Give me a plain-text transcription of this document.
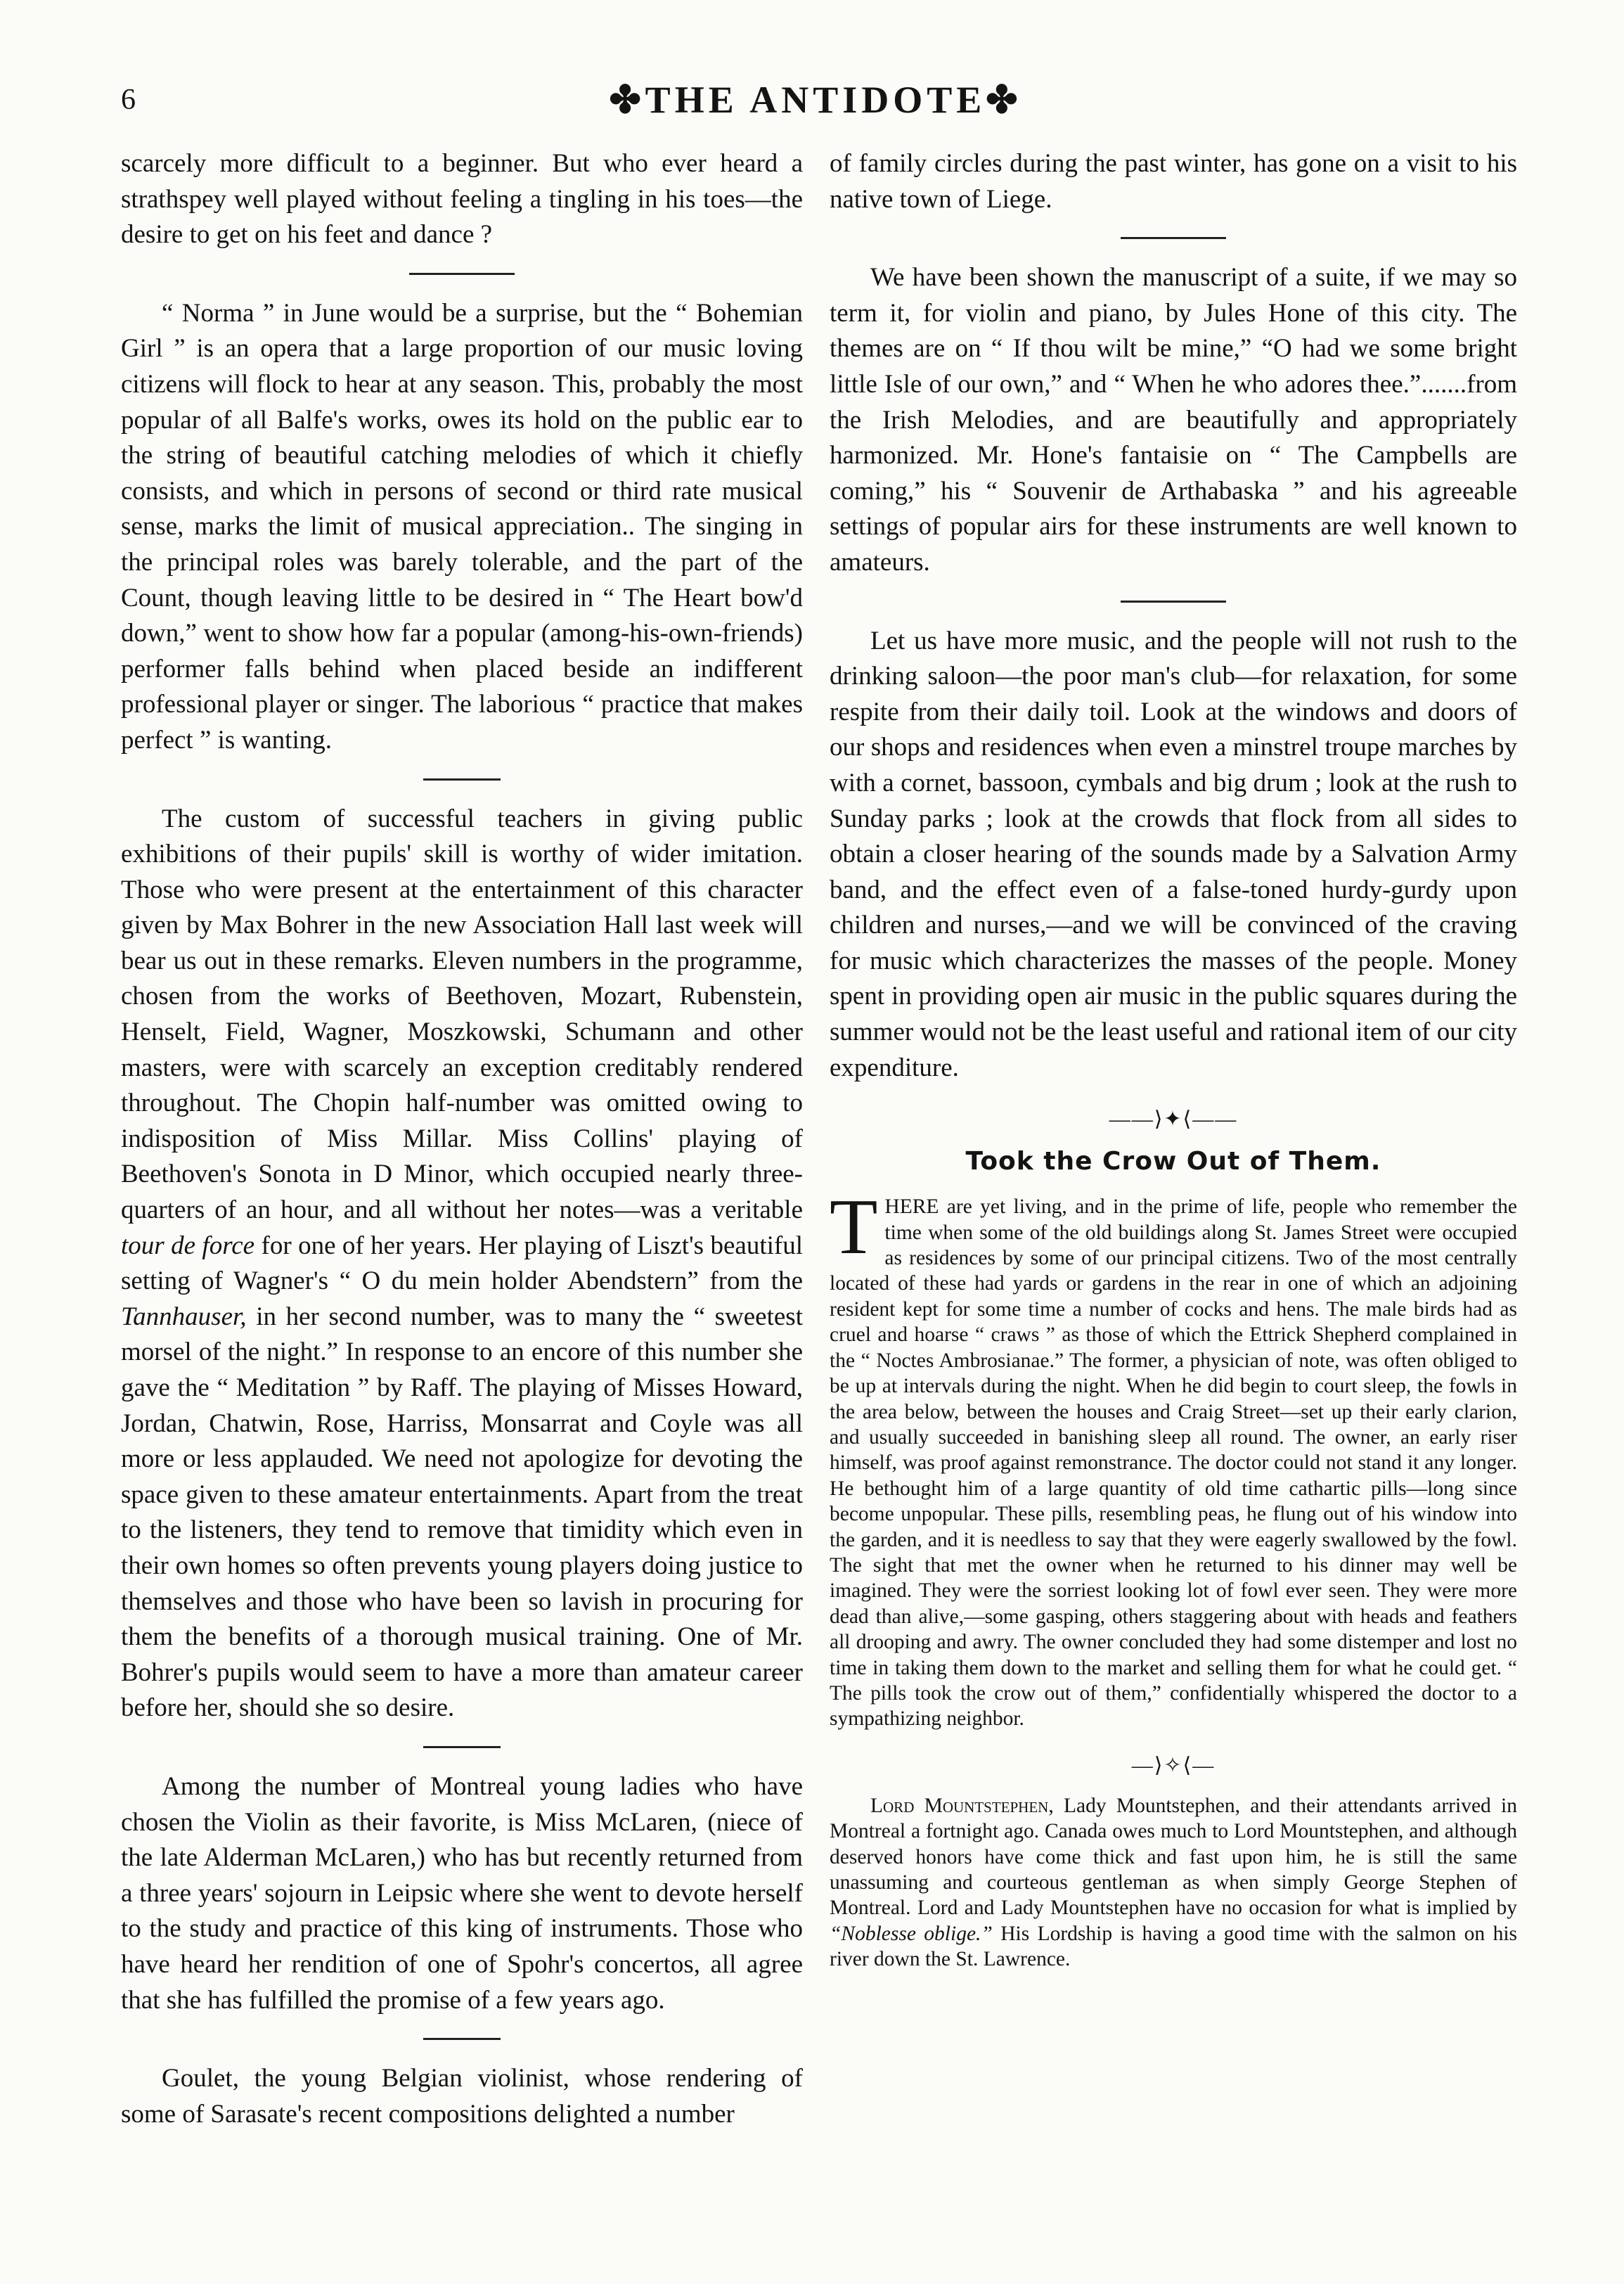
6	✤THE ANTIDOTE✤

scarcely more difficult to a beginner. But who ever heard a strathspey well played without feeling a tingling in his toes—the desire to get on his feet and dance ?

“ Norma ” in June would be a surprise, but the “ Bohemian Girl ” is an opera that a large proportion of our music loving citizens will flock to hear at any season. This, probably the most popular of all Balfe's works, owes its hold on the public ear to the string of beautiful catching melodies of which it chiefly consists, and which in persons of second or third rate musical sense, marks the limit of musical appreciation.. The singing in the principal roles was barely tolerable, and the part of the Count, though leaving little to be desired in “ The Heart bow'd down,” went to show how far a popular (among-his-own-friends) performer falls behind when placed beside an indifferent professional player or singer. The laborious “ practice that makes perfect ” is wanting.

The custom of successful teachers in giving public exhibitions of their pupils' skill is worthy of wider imitation. Those who were present at the entertainment of this character given by Max Bohrer in the new Association Hall last week will bear us out in these remarks. Eleven numbers in the programme, chosen from the works of Beethoven, Mozart, Rubenstein, Henselt, Field, Wagner, Moszkowski, Schumann and other masters, were with scarcely an exception creditably rendered throughout. The Chopin half-number was omitted owing to indisposition of Miss Millar. Miss Collins' playing of Beethoven's Sonota in D Minor, which occupied nearly three-quarters of an hour, and all without her notes—was a veritable tour de force for one of her years. Her playing of Liszt's beautiful setting of Wagner's “ O du mein holder Abendstern” from the Tannhauser, in her second number, was to many the “ sweetest morsel of the night.” In response to an encore of this number she gave the “ Meditation ” by Raff. The playing of Misses Howard, Jordan, Chatwin, Rose, Harriss, Monsarrat and Coyle was all more or less applauded. We need not apologize for devoting the space given to these amateur entertainments. Apart from the treat to the listeners, they tend to remove that timidity which even in their own homes so often prevents young players doing justice to themselves and those who have been so lavish in procuring for them the benefits of a thorough musical training. One of Mr. Bohrer's pupils would seem to have a more than amateur career before her, should she so desire.

Among the number of Montreal young ladies who have chosen the Violin as their favorite, is Miss McLaren, (niece of the late Alderman McLaren,) who has but recently returned from a three years' sojourn in Leipsic where she went to devote herself to the study and practice of this king of instruments. Those who have heard her rendition of one of Spohr's concertos, all agree that she has fulfilled the promise of a few years ago.

Goulet, the young Belgian violinist, whose rendering of some of Sarasate's recent compositions delighted a number

of family circles during the past winter, has gone on a visit to his native town of Liege.

We have been shown the manuscript of a suite, if we may so term it, for violin and piano, by Jules Hone of this city. The themes are on “ If thou wilt be mine,” “O had we some bright little Isle of our own,” and “ When he who adores thee.”.......from the Irish Melodies, and are beautifully and appropriately harmonized. Mr. Hone's fantaisie on “ The Campbells are coming,” his “ Souvenir de Arthabaska ” and his agreeable settings of popular airs for these instruments are well known to amateurs.

Let us have more music, and the people will not rush to the drinking saloon—the poor man's club—for relaxation, for some respite from their daily toil. Look at the windows and doors of our shops and residences when even a minstrel troupe marches by with a cornet, bassoon, cymbals and big drum ; look at the rush to Sunday parks ; look at the crowds that flock from all sides to obtain a closer hearing of the sounds made by a Salvation Army band, and the effect even of a false-toned hurdy-gurdy upon children and nurses,—and we will be convinced of the craving for music which characterizes the masses of the people. Money spent in providing open air music in the public squares during the summer would not be the least useful and rational item of our city expenditure.

——⟩✦⟨——
Took the Crow Out of Them.

THERE are yet living, and in the prime of life, people who remember the time when some of the old buildings along St. James Street were occupied as residences by some of our principal citizens. Two of the most centrally located of these had yards or gardens in the rear in one of which an adjoining resident kept for some time a number of cocks and hens. The male birds had as cruel and hoarse “ craws ” as those of which the Ettrick Shepherd complained in the “ Noctes Ambrosianae.” The former, a physician of note, was often obliged to be up at intervals during the night. When he did begin to court sleep, the fowls in the area below, between the houses and Craig Street—set up their early clarion, and usually succeeded in banishing sleep all round. The owner, an early riser himself, was proof against remonstrance. The doctor could not stand it any longer. He bethought him of a large quantity of old time cathartic pills—long since become unpopular. These pills, resembling peas, he flung out of his window into the garden, and it is needless to say that they were eagerly swallowed by the fowl. The sight that met the owner when he returned to his dinner may well be imagined. They were the sorriest looking lot of fowl ever seen. They were more dead than alive,—some gasping, others staggering about with heads and feathers all drooping and awry. The owner concluded they had some distemper and lost no time in taking them down to the market and selling them for what he could get. “ The pills took the crow out of them,” confidentially whispered the doctor to a sympathizing neighbor.

—⟩✧⟨—

Lord Mountstephen, Lady Mountstephen, and their attendants arrived in Montreal a fortnight ago. Canada owes much to Lord Mountstephen, and although deserved honors have come thick and fast upon him, he is still the same unassuming and courteous gentleman as when simply George Stephen of Montreal. Lord and Lady Mountstephen have no occasion for what is implied by “Noblesse oblige.” His Lordship is having a good time with the salmon on his river down the St. Lawrence.
